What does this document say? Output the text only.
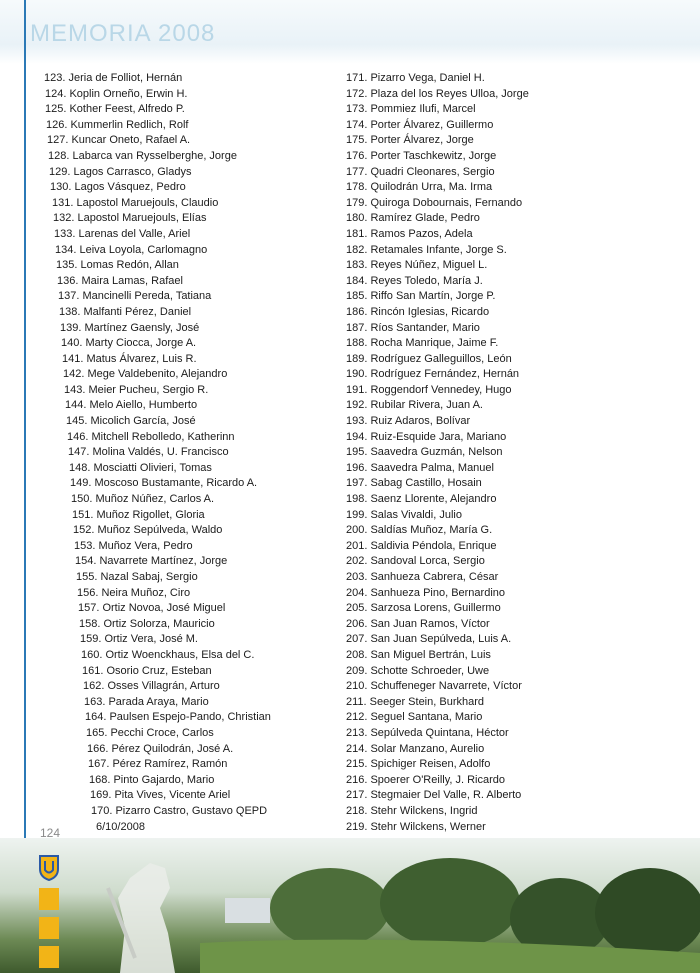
MEMORIA 2008
123. Jeria de Folliot, Hernán
124. Koplin Orneño, Erwin H.
125. Kother Feest, Alfredo P.
126. Kummerlin Redlich, Rolf
127. Kuncar Oneto, Rafael A.
128. Labarca van Rysselberghe, Jorge
129. Lagos Carrasco, Gladys
130. Lagos Vásquez, Pedro
131. Lapostol Maruejouls, Claudio
132. Lapostol Maruejouls, Elías
133. Larenas del Valle, Ariel
134. Leiva Loyola, Carlomagno
135. Lomas Redón, Allan
136. Maira Lamas, Rafael
137. Mancinelli Pereda, Tatiana
138. Malfanti Pérez, Daniel
139. Martínez Gaensly, José
140. Marty Ciocca, Jorge A.
141. Matus Álvarez, Luis R.
142. Mege Valdebenito, Alejandro
143. Meier Pucheu, Sergio R.
144. Melo Aiello, Humberto
145. Micolich García, José
146. Mitchell Rebolledo, Katherinn
147. Molina Valdés, U. Francisco
148. Mosciatti Olivieri, Tomas
149. Moscoso Bustamante, Ricardo A.
150. Muñoz Núñez, Carlos A.
151. Muñoz Rigollet, Gloria
152. Muñoz Sepúlveda, Waldo
153. Muñoz Vera, Pedro
154. Navarrete Martínez, Jorge
155. Nazal Sabaj, Sergio
156. Neira Muñoz, Ciro
157. Ortiz Novoa, José Miguel
158. Ortiz Solorza, Mauricio
159. Ortiz Vera, José M.
160. Ortiz Woenckhaus, Elsa del C.
161. Osorio Cruz, Esteban
162. Osses Villagrán, Arturo
163. Parada Araya, Mario
164. Paulsen Espejo-Pando, Christian
165. Pecchi Croce, Carlos
166. Pérez Quilodrán, José A.
167. Pérez Ramírez, Ramón
168. Pinto Gajardo, Mario
169. Pita Vives, Vicente Ariel
170. Pizarro Castro, Gustavo QEPD
6/10/2008
171. Pizarro Vega, Daniel H.
172. Plaza del los Reyes Ulloa, Jorge
173. Pommiez Ilufi, Marcel
174. Porter Álvarez, Guillermo
175. Porter Álvarez, Jorge
176. Porter Taschkewitz, Jorge
177. Quadri Cleonares, Sergio
178. Quilodrán Urra, Ma. Irma
179. Quiroga Dobournais, Fernando
180. Ramírez Glade, Pedro
181. Ramos Pazos, Adela
182. Retamales Infante, Jorge S.
183. Reyes Núñez, Miguel L.
184. Reyes Toledo, María J.
185. Riffo San Martín, Jorge P.
186. Rincón Iglesias, Ricardo
187. Ríos Santander, Mario
188. Rocha Manrique, Jaime F.
189. Rodríguez Galleguillos, León
190. Rodríguez Fernández, Hernán
191. Roggendorf Vennedey, Hugo
192. Rubilar Rivera, Juan A.
193. Ruiz Adaros, Bolívar
194. Ruiz-Esquide Jara, Mariano
195. Saavedra Guzmán, Nelson
196. Saavedra Palma, Manuel
197. Sabag Castillo, Hosain
198. Saenz Llorente, Alejandro
199. Salas Vivaldi, Julio
200. Saldías Muñoz, María G.
201. Saldivia Péndola, Enrique
202. Sandoval Lorca, Sergio
203. Sanhueza Cabrera, César
204. Sanhueza Pino, Bernardino
205. Sarzosa Lorens, Guillermo
206. San Juan Ramos, Víctor
207. San Juan Sepúlveda, Luis A.
208. San Miguel Bertrán, Luis
209. Schotte Schroeder, Uwe
210. Schuffeneger Navarrete, Víctor
211. Seeger Stein, Burkhard
212. Seguel Santana, Mario
213. Sepúlveda Quintana, Héctor
214. Solar Manzano, Aurelio
215. Spichiger Reisen, Adolfo
216. Spoerer O'Reilly, J. Ricardo
217. Stegmaier Del Valle, R. Alberto
218. Stehr Wilckens, Ingrid
219. Stehr Wilckens, Werner
124
